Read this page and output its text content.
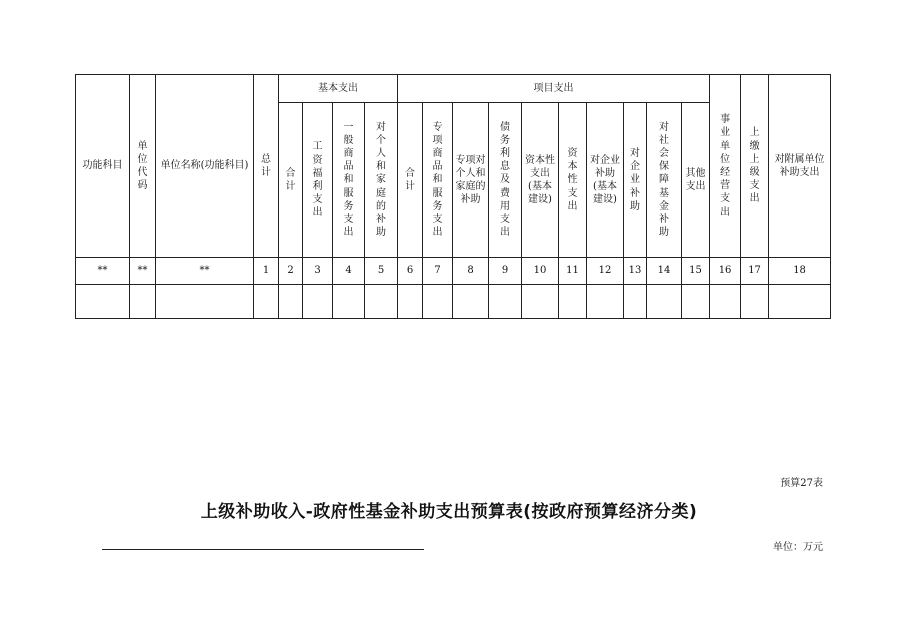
功能科目	单位代码	单位名称(功能科目)	总计	基本支出				项目支出										事业单位经营支出	上缴上级支出	对附属单位补助支出
				合计	工资福利支出	一般商品和服务支出	对个人和家庭的补助	合计	专项商品和服务支出	专项对个人和家庭的补助	债务利息及费用支出	资本性支出(基本建设)	资本性支出	对企业补助(基本建设)	对企业补助	对社会保障基金补助	其他支出			
**	**	**	1	2	3	4	5	6	7	8	9	10	11	12	13	14	15	16	17	18

预算27表
上级补助收入-政府性基金补助支出预算表(按政府预算经济分类)
单位：万元
